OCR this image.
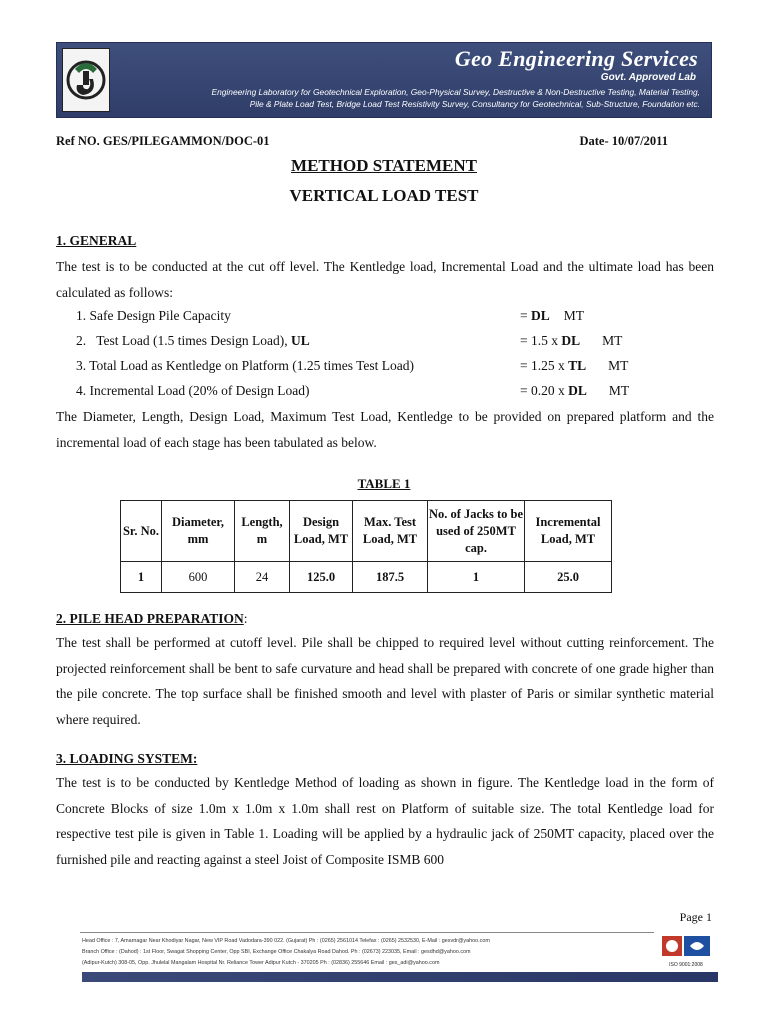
Geo Engineering Services
Govt. Approved Lab
Engineering Laboratory for Geotechnical Exploration, Geo-Physical Survey, Destructive & Non-Destructive Testing, Material Testing,
Pile & Plate Load Test, Bridge Load Test Resistivity Survey, Consultancy for Geotechnical, Sub-Structure, Foundation etc.
Ref NO. GES/PILEGAMMON/DOC-01	Date- 10/07/2011
METHOD STATEMENT
VERTICAL LOAD TEST
1. GENERAL
The test is to be conducted at the cut off level. The Kentledge load, Incremental Load and the ultimate load has been calculated as follows:
1. Safe Design Pile Capacity	= DL MT
2.   Test Load (1.5 times Design Load), UL	= 1.5 x DL MT
3. Total Load as Kentledge on Platform (1.25 times Test Load)	= 1.25 x TL MT
4. Incremental Load (20% of Design Load)	= 0.20 x DL MT
The Diameter, Length, Design Load, Maximum Test Load, Kentledge to be provided on prepared platform and the incremental load of each stage has been tabulated as below.
TABLE 1
Sr. No.	Diameter, mm	Length, m	Design Load, MT	Max. Test Load, MT	No. of Jacks to be used of 250MT cap.	Incremental Load, MT
1	600	24	125.0	187.5	1	25.0
2. PILE HEAD PREPARATION:
The test shall be performed at cutoff level. Pile shall be chipped to required level without cutting reinforcement. The projected reinforcement shall be bent to safe curvature and head shall be prepared with concrete of one grade higher than the pile concrete. The top surface shall be finished smooth and level with plaster of Paris or similar synthetic material where required.
3. LOADING SYSTEM:
The test is to be conducted by Kentledge Method of loading as shown in figure. The Kentledge load in the form of Concrete Blocks of size 1.0m x 1.0m x 1.0m shall rest on Platform of suitable size. The total Kentledge load for respective test pile is given in Table 1. Loading will be applied by a hydraulic jack of 250MT capacity, placed over the furnished pile and reacting against a steel Joist of Composite ISMB 600
Page 1
Head Office : 7, Amarnagar Near Khodiyar Nagar, New VIP Road Vadodara-390 022. (Gujarat) Ph : (0265) 2561014 Telefax : (0265) 2532530, E-Mail : gesvdr@yahoo.com
Branch Office : (Dahod) : 1st Floor, Swagat Shopping Center, Opp SBI, Exchange Office Chakalya Road Dahod. Ph : (02673) 223035, Email : gesdhd@yahoo.com
(Adipur-Kutch) 308-05, Opp. Jhulelal Mangalam Hospital Nr. Reliance Tower Adipur Kutch - 370205 Ph : (02836) 255646 Email : ges_adi@yahoo.com	ISO 9001:2008
